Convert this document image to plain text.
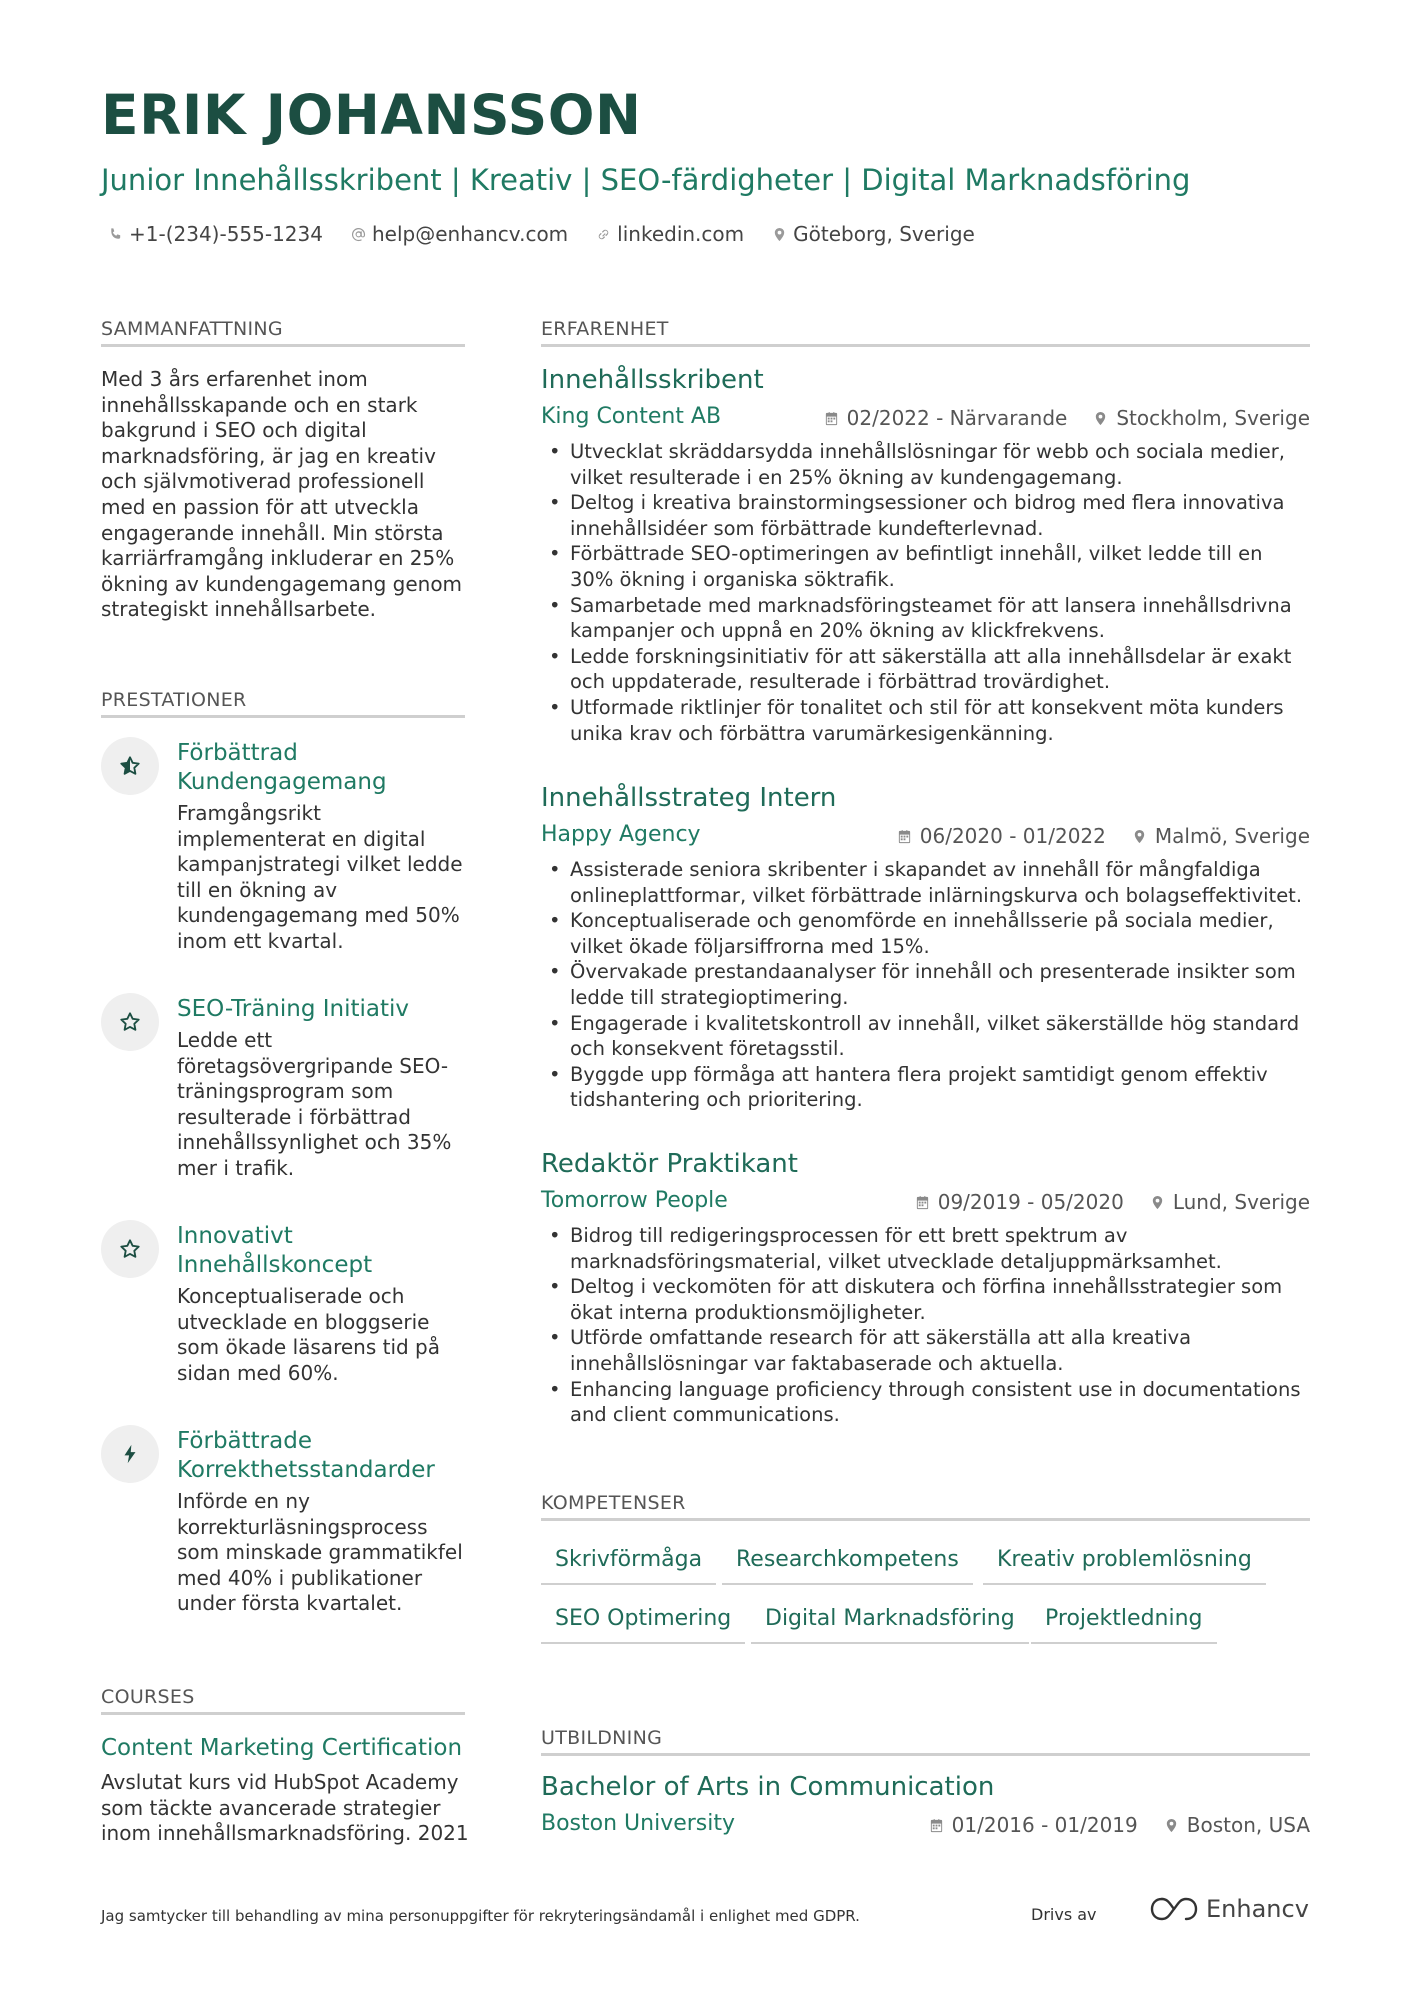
ERIK JOHANSSON
Junior Innehållsskribent | Kreativ | SEO-färdigheter | Digital Marknadsföring
+1-(234)-555-1234 help@enhancv.com linkedin.com Göteborg, Sverige
SAMMANFATTNING
Med 3 års erfarenhet inom
innehållsskapande och en stark
bakgrund i SEO och digital
marknadsföring, är jag en kreativ
och självmotiverad professionell
med en passion för att utveckla
engagerande innehåll. Min största
karriärframgång inkluderar en 25%
ökning av kundengagemang genom
strategiskt innehållsarbete.
PRESTATIONER
Förbättrad
Kundengagemang
Framgångsrikt
implementerat en digital
kampanjstrategi vilket ledde
till en ökning av
kundengagemang med 50%
inom ett kvartal.
SEO-Träning Initiativ
Ledde ett
företagsövergripande SEO-
träningsprogram som
resulterade i förbättrad
innehållssynlighet och 35%
mer i trafik.
Innovativt
Innehållskoncept
Konceptualiserade och
utvecklade en bloggserie
som ökade läsarens tid på
sidan med 60%.
Förbättrade
Korrekthetsstandarder
Införde en ny
korrekturläsningsprocess
som minskade grammatikfel
med 40% i publikationer
under första kvartalet.
COURSES
Content Marketing Certification
Avslutat kurs vid HubSpot Academy
som täckte avancerade strategier
inom innehållsmarknadsföring. 2021
ERFARENHET
Innehållsskribent
King Content AB	02/2022 - Närvarande Stockholm, Sverige
• Utvecklat skräddarsydda innehållslösningar för webb och sociala medier,
vilket resulterade i en 25% ökning av kundengagemang.
• Deltog i kreativa brainstormingsessioner och bidrog med flera innovativa
innehållsidéer som förbättrade kundefterlevnad.
• Förbättrade SEO-optimeringen av befintligt innehåll, vilket ledde till en
30% ökning i organiska söktrafik.
• Samarbetade med marknadsföringsteamet för att lansera innehållsdrivna
kampanjer och uppnå en 20% ökning av klickfrekvens.
• Ledde forskningsinitiativ för att säkerställa att alla innehållsdelar är exakt
och uppdaterade, resulterade i förbättrad trovärdighet.
• Utformade riktlinjer för tonalitet och stil för att konsekvent möta kunders
unika krav och förbättra varumärkesigenkänning.
Innehållsstrateg Intern
Happy Agency	06/2020 - 01/2022 Malmö, Sverige
• Assisterade seniora skribenter i skapandet av innehåll för mångfaldiga
onlineplattformar, vilket förbättrade inlärningskurva och bolagseffektivitet.
• Konceptualiserade och genomförde en innehållsserie på sociala medier,
vilket ökade följarsiffrorna med 15%.
• Övervakade prestandaanalyser för innehåll och presenterade insikter som
ledde till strategioptimering.
• Engagerade i kvalitetskontroll av innehåll, vilket säkerställde hög standard
och konsekvent företagsstil.
• Byggde upp förmåga att hantera flera projekt samtidigt genom effektiv
tidshantering och prioritering.
Redaktör Praktikant
Tomorrow People	09/2019 - 05/2020 Lund, Sverige
• Bidrog till redigeringsprocessen för ett brett spektrum av
marknadsföringsmaterial, vilket utvecklade detaljuppmärksamhet.
• Deltog i veckomöten för att diskutera och förfina innehållsstrategier som
ökat interna produktionsmöjligheter.
• Utförde omfattande research för att säkerställa att alla kreativa
innehållslösningar var faktabaserade och aktuella.
• Enhancing language proficiency through consistent use in documentations
and client communications.
KOMPETENSER
Skrivförmåga	Researchkompetens	Kreativ problemlösning
SEO Optimering	Digital Marknadsföring	Projektledning
UTBILDNING
Bachelor of Arts in Communication
Boston University	01/2016 - 01/2019 Boston, USA
Jag samtycker till behandling av mina personuppgifter för rekryteringsändamål i enlighet med GDPR.	Drivs av	Enhancv
